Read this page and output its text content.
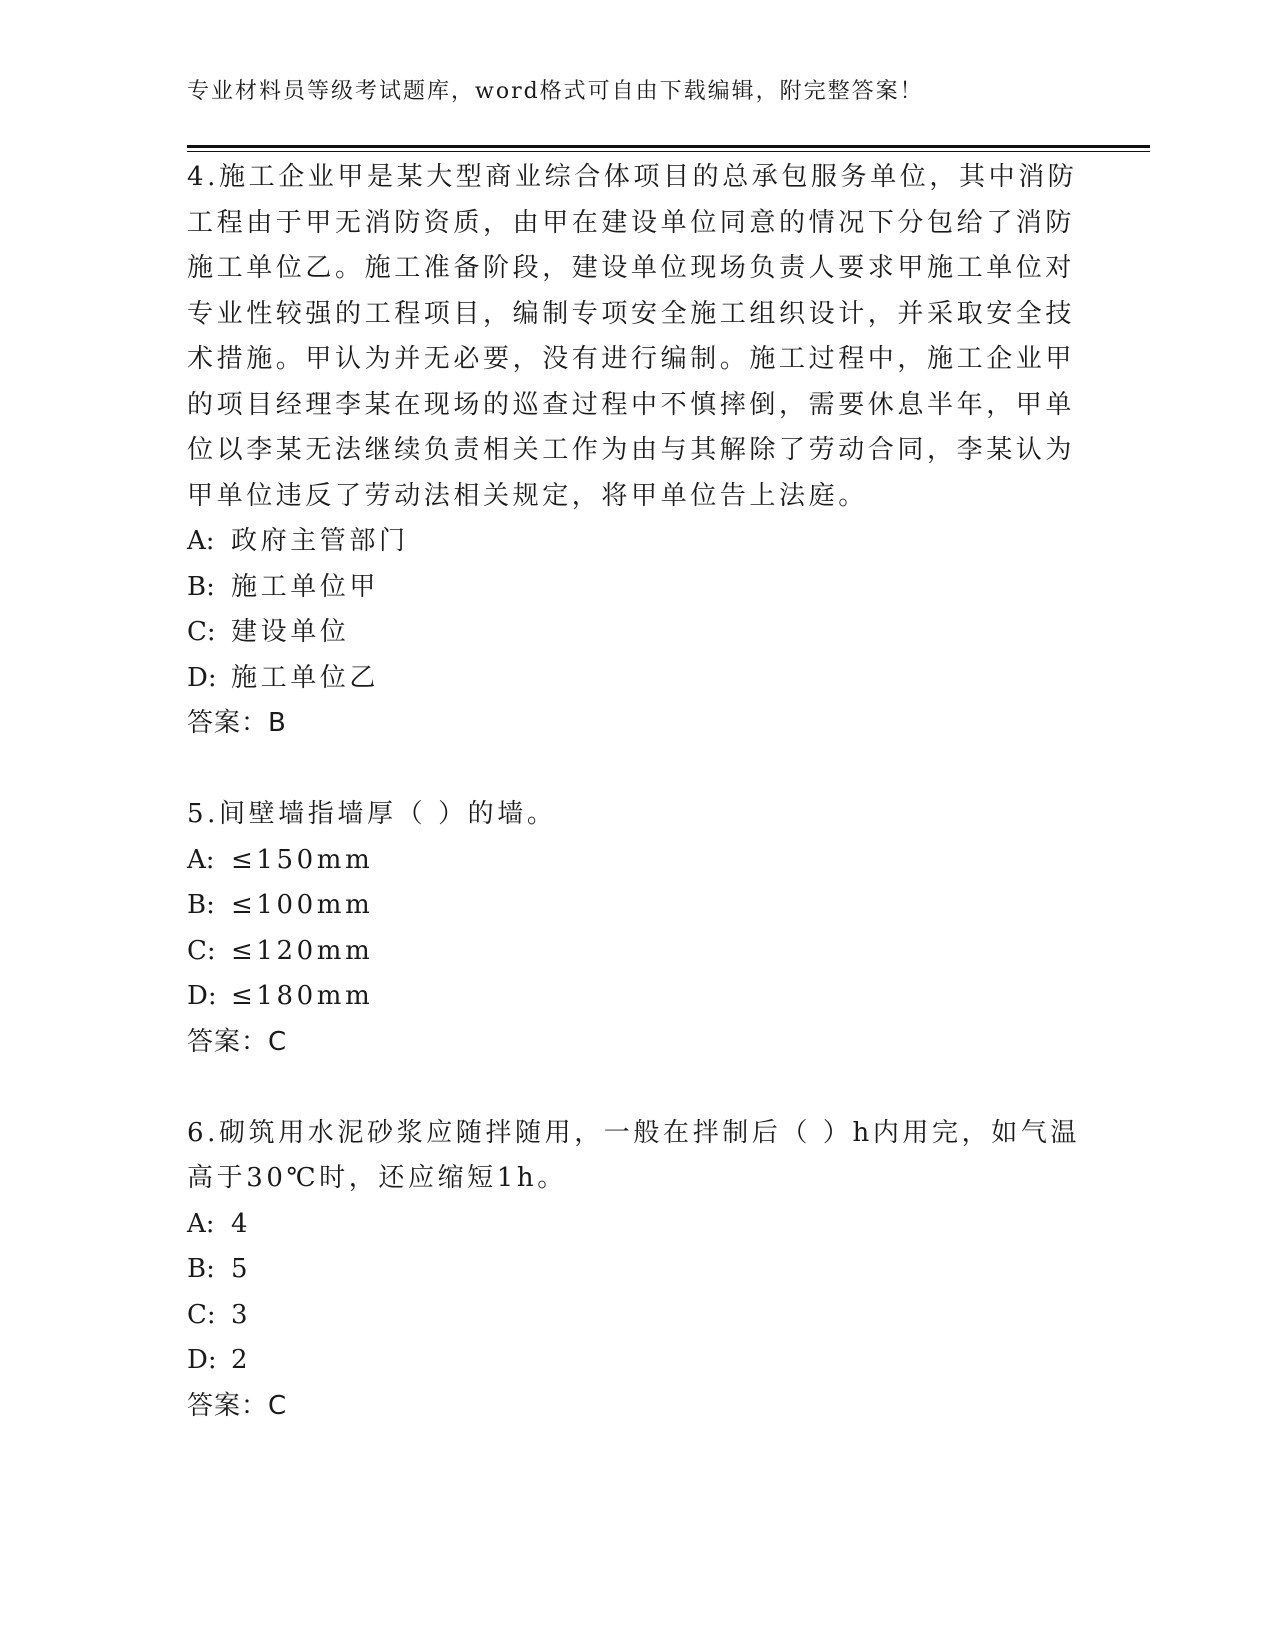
专业材料员等级考试题库，word格式可自由下载编辑，附完整答案！

4.施工企业甲是某大型商业综合体项目的总承包服务单位，其中消防工程由于甲无消防资质，由甲在建设单位同意的情况下分包给了消防施工单位乙。施工准备阶段，建设单位现场负责人要求甲施工单位对专业性较强的工程项目，编制专项安全施工组织设计，并采取安全技术措施。甲认为并无必要，没有进行编制。施工过程中，施工企业甲的项目经理李某在现场的巡查过程中不慎摔倒，需要休息半年，甲单位以李某无法继续负责相关工作为由与其解除了劳动合同，李某认为甲单位违反了劳动法相关规定，将甲单位告上法庭。

A: 政府主管部门

B: 施工单位甲

C: 建设单位

D: 施工单位乙

答案：B

5.间壁墙指墙厚（ ）的墙。

A: ≤150mm

B: ≤100mm

C: ≤120mm

D: ≤180mm

答案：C

6.砌筑用水泥砂浆应随拌随用，一般在拌制后（ ）h内用完，如气温高于30℃时，还应缩短1h。

A: 4

B: 5

C: 3

D: 2

答案：C
